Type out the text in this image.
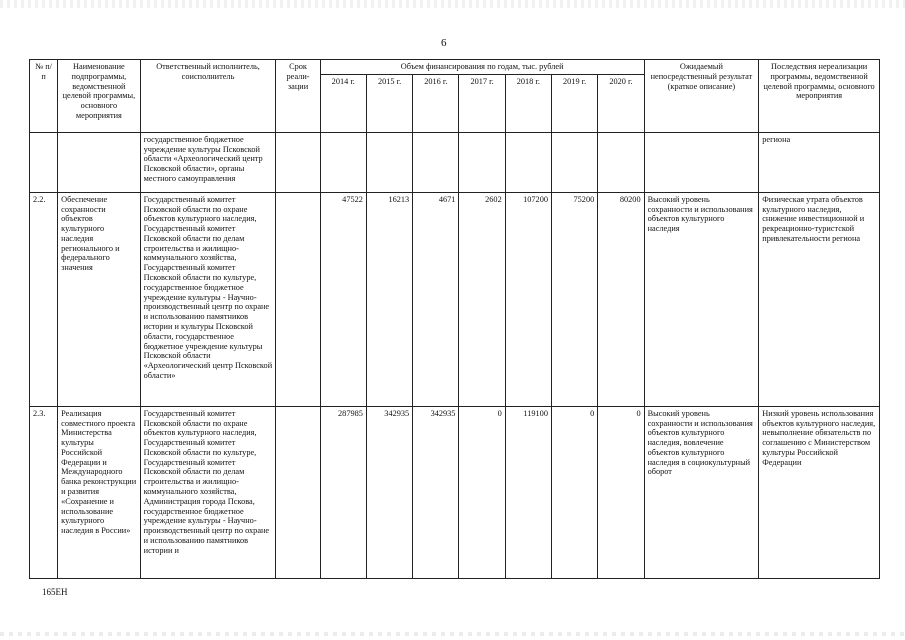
6
№ п/п	Наименование подпрограммы, ведомственной целевой программы, основного мероприятия	Ответственный исполнитель, соисполнитель	Срок реали- зации	Объем финансирования по годам, тыс. рублей							Ожидаемый непосредственный результат (краткое описание)	Последствия нереализации программы, ведомственной целевой программы, основного мероприятия
				2014 г.	2015 г.	2016 г.	2017 г.	2018 г.	2019 г.	2020 г.		
		государственное бюджетное учреждение культуры Псковской области «Археологический центр Псковской области», органы местного самоуправления										региона
2.2.	Обеспечение сохранности объектов культурного наследия регионального и федерального значения	Государственный комитет Псковской области по охране объектов культурного наследия, Государственный комитет Псковской области по делам строительства и жилищно-коммунального хозяйства, Государственный комитет Псковской области по культуре, государственное бюджетное учреждение культуры - Научно-производственный центр по охране и использованию памятников истории и культуры Псковской области, государственное бюджетное учреждение культуры Псковской области «Археологический центр Псковской области»		47522	16213	4671	2602	107200	75200	80200	Высокий уровень сохранности и использования объектов культурного наследия	Физическая утрата объектов культурного наследия, снижение инвестиционной и рекреационно-туристской привлекательности региона
2.3.	Реализация совместного проекта Министерства культуры Российской Федерации и Международного банка реконструкции и развития «Сохранение и использование культурного наследия в России»	Государственный комитет Псковской области по охране объектов культурного наследия, Государственный комитет Псковской области по культуре, Государственный комитет Псковской области по делам строительства и жилищно-коммунального хозяйства, Администрация города Пскова, государственное бюджетное учреждение культуры - Научно-производственный центр по охране и использованию памятников истории и		287985	342935	342935	0	119100	0	0	Высокий уровень сохранности и использования объектов культурного наследия, вовлечение объектов культурного наследия в социокультурный оборот	Низкий уровень использования объектов культурного наследия, невыполнение обязательств по соглашению с Министерством культуры Российской Федерации
165ЕН
